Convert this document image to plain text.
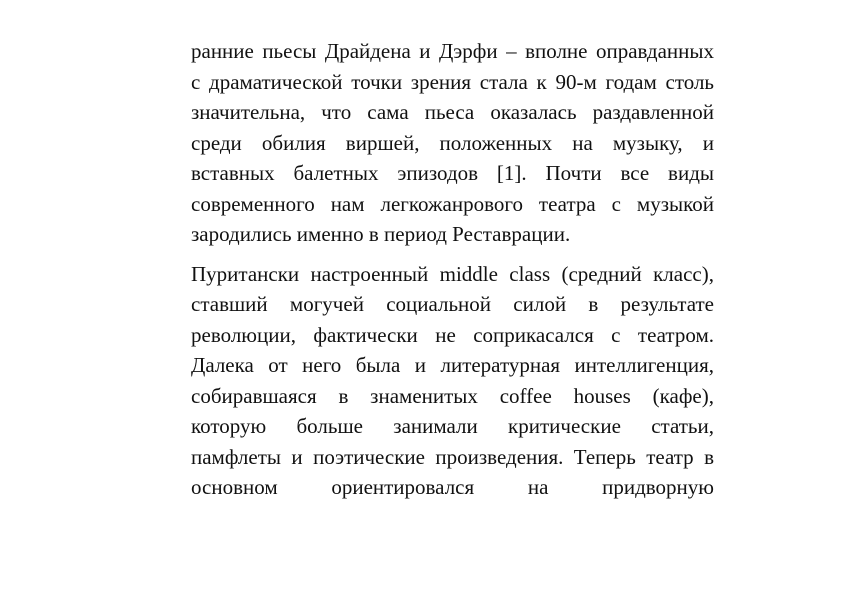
ранние пьесы Драйдена и Дэрфи – вполне оправданных
с драматической точки зрения стала к 90-м годам столь
значительна, что сама пьеса оказалась раздавленной
среди обилия виршей, положенных на музыку, и
вставных балетных эпизодов [1]. Почти все виды
современного нам легкожанрового театра с музыкой
зародились именно в период Реставрации.
Пуритански настроенный middle class (средний класс),
ставший могучей социальной силой в результате
революции, фактически не соприкасался с театром.
Далека от него была и литературная интеллигенция,
собиравшаяся в знаменитых coffee houses (кафе),
которую больше занимали критические статьи,
памфлеты и поэтические произведения. Теперь театр в
основном ориентировался на придворную
